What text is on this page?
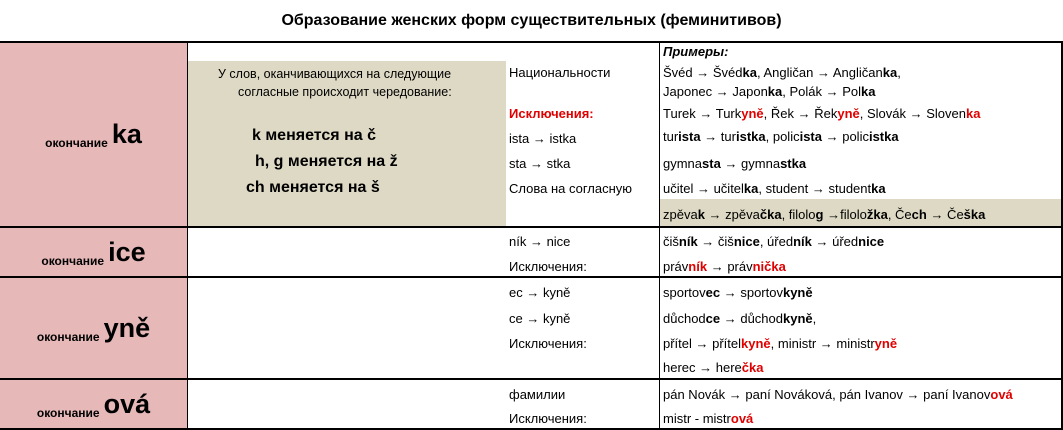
Образование женских форм существительных (феминитивов)
окончание ka
У слов, оканчивающихся на следующие
согласные происходит чередование:
k меняется на č
h, g меняется на ž
ch меняется на š
Национальности
Исключения:
ista → istka
sta → stka
Слова на согласную
Примеры:
Švéd → Švédka, Angličan → Angličanka,
Japonec → Japonka, Polák → Polka
Turek → Turkyně, Řek → Řekyně, Slovák → Slovenka
turista → turistka, policista → policistka
gymnasta → gymnastka
učitel → učitelka, student → studentka
zpěvak → zpěvačka, filolog →filoložka, Čech → Češka
окончание ice	ník → nice
Исключения:
čišník → čišnice, úředník → úřednice
právník → právnička
окончание yně
ec → kyně
ce → kyně
Исключения:
sportovec → sportovkyně
důchodce → důchodkyně,
přítel → přítelkyně, ministr → ministryně
herec → herečka
окончание ová	фамилии
Исключения:
pán Novák → paní Nováková, pán Ivanov → paní Ivanovová
mistr - mistrová
